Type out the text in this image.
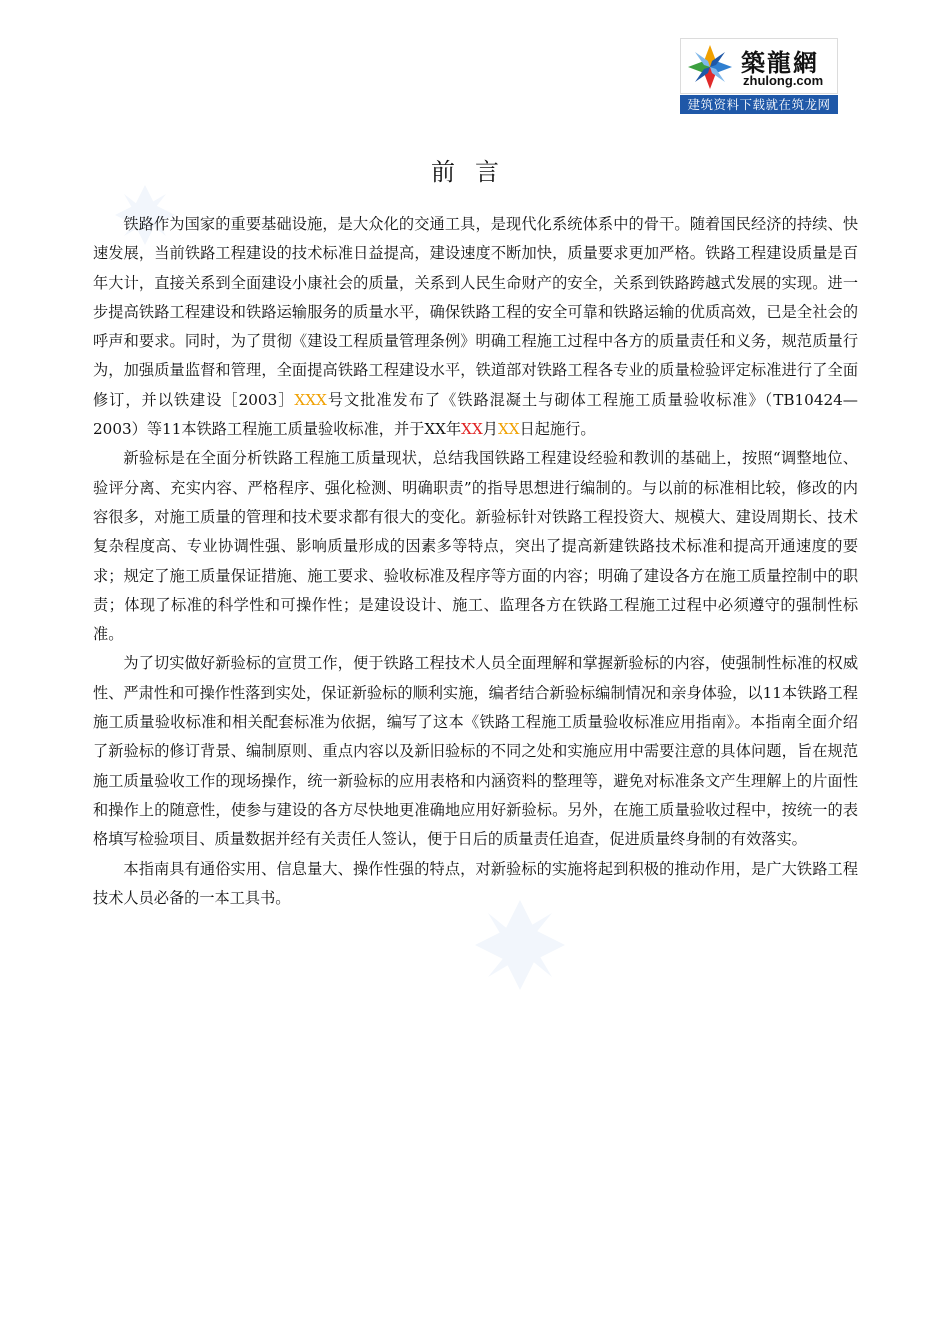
築龍網
zhulong.com
建筑资料下载就在筑龙网
前言

铁路作为国家的重要基础设施，是大众化的交通工具，是现代化系统体系中的骨干。随着国民经济的持续、快速发展，当前铁路工程建设的技术标准日益提高，建设速度不断加快，质量要求更加严格。铁路工程建设质量是百年大计，直接关系到全面建设小康社会的质量，关系到人民生命财产的安全，关系到铁路跨越式发展的实现。进一步提高铁路工程建设和铁路运输服务的质量水平，确保铁路工程的安全可靠和铁路运输的优质高效，已是全社会的呼声和要求。同时，为了贯彻《建设工程质量管理条例》明确工程施工过程中各方的质量责任和义务，规范质量行为，加强质量监督和管理，全面提高铁路工程建设水平，铁道部对铁路工程各专业的质量检验评定标准进行了全面修订，并以铁建设［2003］XXX号文批准发布了《铁路混凝土与砌体工程施工质量验收标准》（TB10424—2003）等11本铁路工程施工质量验收标准，并于XX年XX月XX日起施行。

新验标是在全面分析铁路工程施工质量现状，总结我国铁路工程建设经验和教训的基础上，按照“调整地位、验评分离、充实内容、严格程序、强化检测、明确职责”的指导思想进行编制的。与以前的标准相比较，修改的内容很多，对施工质量的管理和技术要求都有很大的变化。新验标针对铁路工程投资大、规模大、建设周期长、技术复杂程度高、专业协调性强、影响质量形成的因素多等特点，突出了提高新建铁路技术标准和提高开通速度的要求；规定了施工质量保证措施、施工要求、验收标准及程序等方面的内容；明确了建设各方在施工质量控制中的职责；体现了标准的科学性和可操作性；是建设设计、施工、监理各方在铁路工程施工过程中必须遵守的强制性标准。

为了切实做好新验标的宣贯工作，便于铁路工程技术人员全面理解和掌握新验标的内容，使强制性标准的权威性、严肃性和可操作性落到实处，保证新验标的顺利实施，编者结合新验标编制情况和亲身体验，以11本铁路工程施工质量验收标准和相关配套标准为依据，编写了这本《铁路工程施工质量验收标准应用指南》。本指南全面介绍了新验标的修订背景、编制原则、重点内容以及新旧验标的不同之处和实施应用中需要注意的具体问题，旨在规范施工质量验收工作的现场操作，统一新验标的应用表格和内涵资料的整理等，避免对标准条文产生理解上的片面性和操作上的随意性，使参与建设的各方尽快地更准确地应用好新验标。另外，在施工质量验收过程中，按统一的表格填写检验项目、质量数据并经有关责任人签认，便于日后的质量责任追查，促进质量终身制的有效落实。

本指南具有通俗实用、信息量大、操作性强的特点，对新验标的实施将起到积极的推动作用，是广大铁路工程技术人员必备的一本工具书。
